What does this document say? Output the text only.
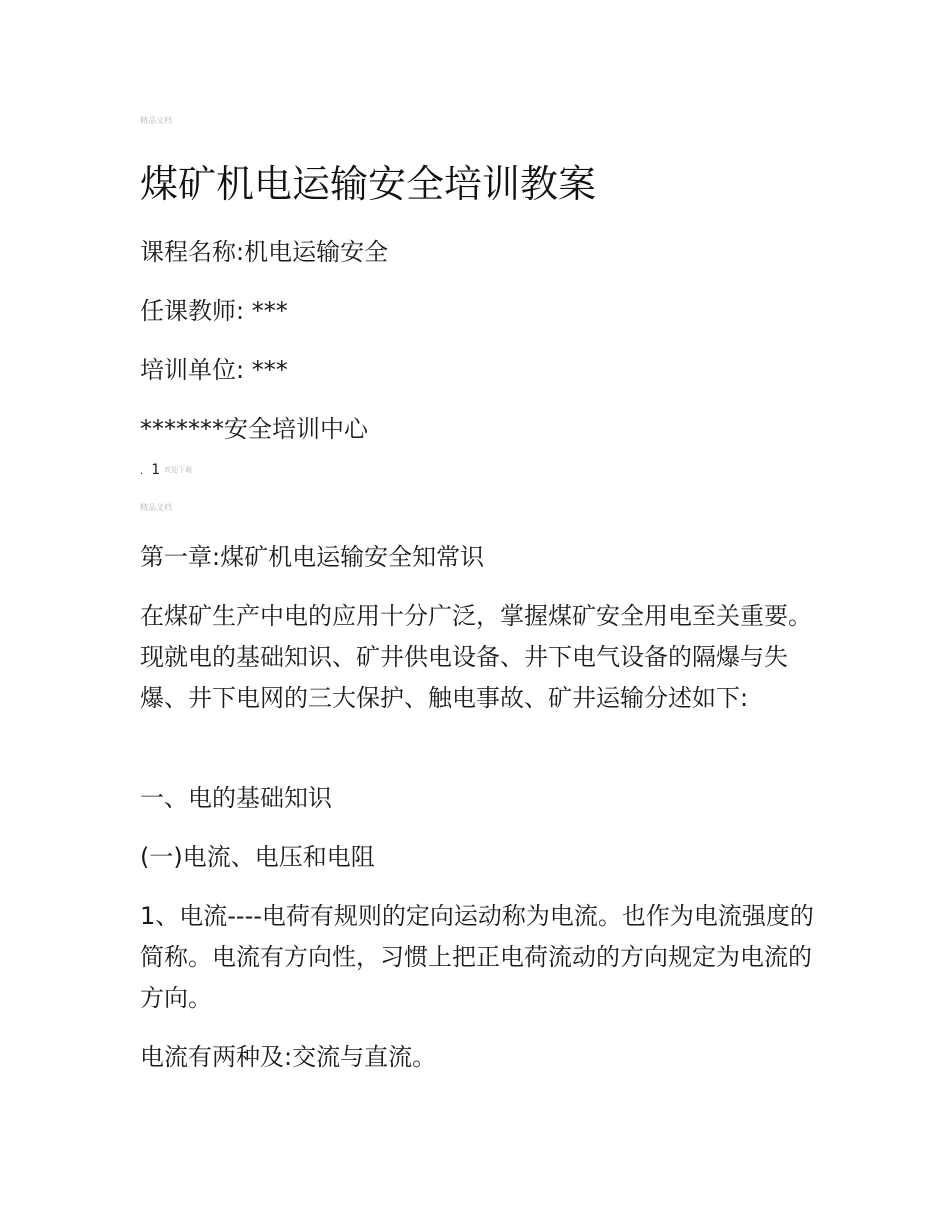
精品文档
煤矿机电运输安全培训教案
课程名称:机电运输安全
任课教师: ***
培训单位: ***
*******安全培训中心
. 1 欢迎下载
精品文档
第一章:煤矿机电运输安全知常识
在煤矿生产中电的应用十分广泛，掌握煤矿安全用电至关重要。现就电的基础知识、矿井供电设备、井下电气设备的隔爆与失爆、井下电网的三大保护、触电事故、矿井运输分述如下:
一、电的基础知识
(一)电流、电压和电阻
1、电流----电荷有规则的定向运动称为电流。也作为电流强度的简称。电流有方向性，习惯上把正电荷流动的方向规定为电流的方向。
电流有两种及:交流与直流。
